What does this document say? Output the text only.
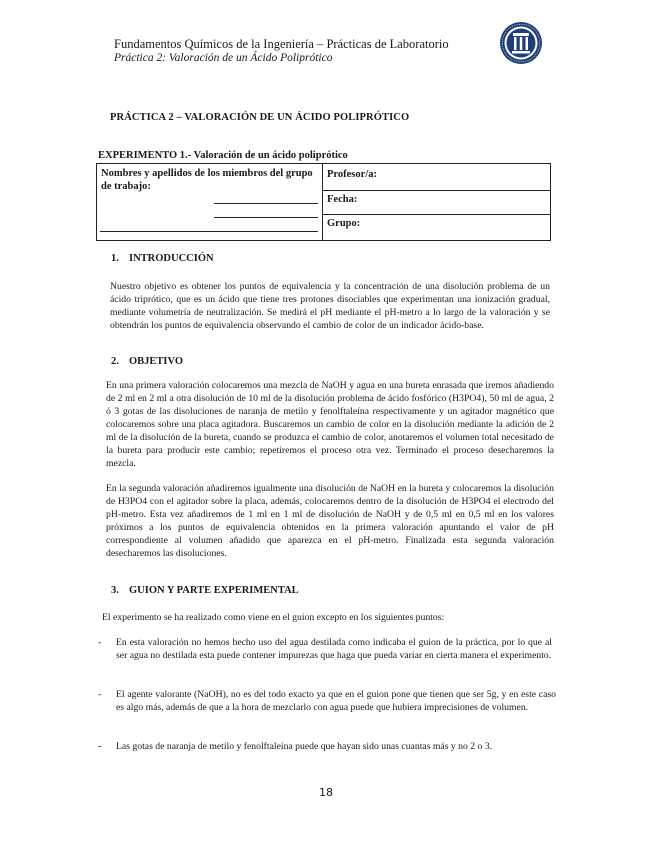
Fundamentos Químicos de la Ingeniería – Prácticas de Laboratorio
Práctica 2: Valoración de un Ácido Poliprótico
PRÁCTICA 2 – VALORACIÓN DE UN ÁCIDO POLIPRÓTICO
EXPERIMENTO 1.- Valoración de un ácido poliprótico
Nombres y apellidos de los miembros del grupo de trabajo:
Profesor/a:
Fecha:
Grupo:
1. INTRODUCCIÓN

Nuestro objetivo es obtener los puntos de equivalencia y la concentración de una disolución problema de un ácido triprótico, que es un ácido que tiene tres protones disociables que experimentan una ionización gradual, mediante volumetría de neutralización. Se medirá el pH mediante el pH-metro a lo largo de la valoración y se obtendrán los puntos de equivalencia observando el cambio de color de un indicador ácido-base.

2. OBJETIVO

En una primera valoración colocaremos una mezcla de NaOH y agua en una bureta enrasada que iremos añadiendo de 2 ml en 2 ml a otra disolución de 10 ml de la disolución problema de ácido fosfórico (H3PO4), 50 ml de agua, 2 ó 3 gotas de las disoluciones de naranja de metilo y fenolftaleína respectivamente y un agitador magnético que colocaremos sobre una placa agitadora. Buscaremos un cambio de color en la disolución mediante la adición de 2 ml de la disolución de la bureta, cuando se produzca el cambio de color, anotaremos el volumen total necesitado de la bureta para producir este cambio; repetiremos el proceso otra vez. Terminado el proceso desecharemos la mezcla.

En la segunda valoración añadiremos igualmente una disolución de NaOH en la bureta y colocaremos la disolución de H3PO4 con el agitador sobre la placa, además, colocaremos dentro de la disolución de H3PO4 el electrodo del pH-metro. Esta vez añadiremos de 1 ml en 1 ml de disolución de NaOH y de 0,5 ml en 0,5 ml en los valores próximos a los puntos de equivalencia obtenidos en la primera valoración apuntando el valor de pH correspondiente al volumen añadido que aparezca en el pH-metro. Finalizada esta segunda valoración desecharemos las disoluciones.

3. GUION Y PARTE EXPERIMENTAL

El experimento se ha realizado como viene en el guion excepto en los siguientes puntos:

- En esta valoración no hemos hecho uso del agua destilada como indicaba el guion de la práctica, por lo que al ser agua no destilada esta puede contener impurezas que haga que pueda variar en cierta manera el experimento.
- El agente valorante (NaOH), no es del todo exacto ya que en el guion pone que tienen que ser 5g, y en este caso es algo más, además de que a la hora de mezclarlo con agua puede que hubiera imprecisiones de volumen.
- Las gotas de naranja de metilo y fenolftaleína puede que hayan sido unas cuantas más y no 2 o 3.
18
